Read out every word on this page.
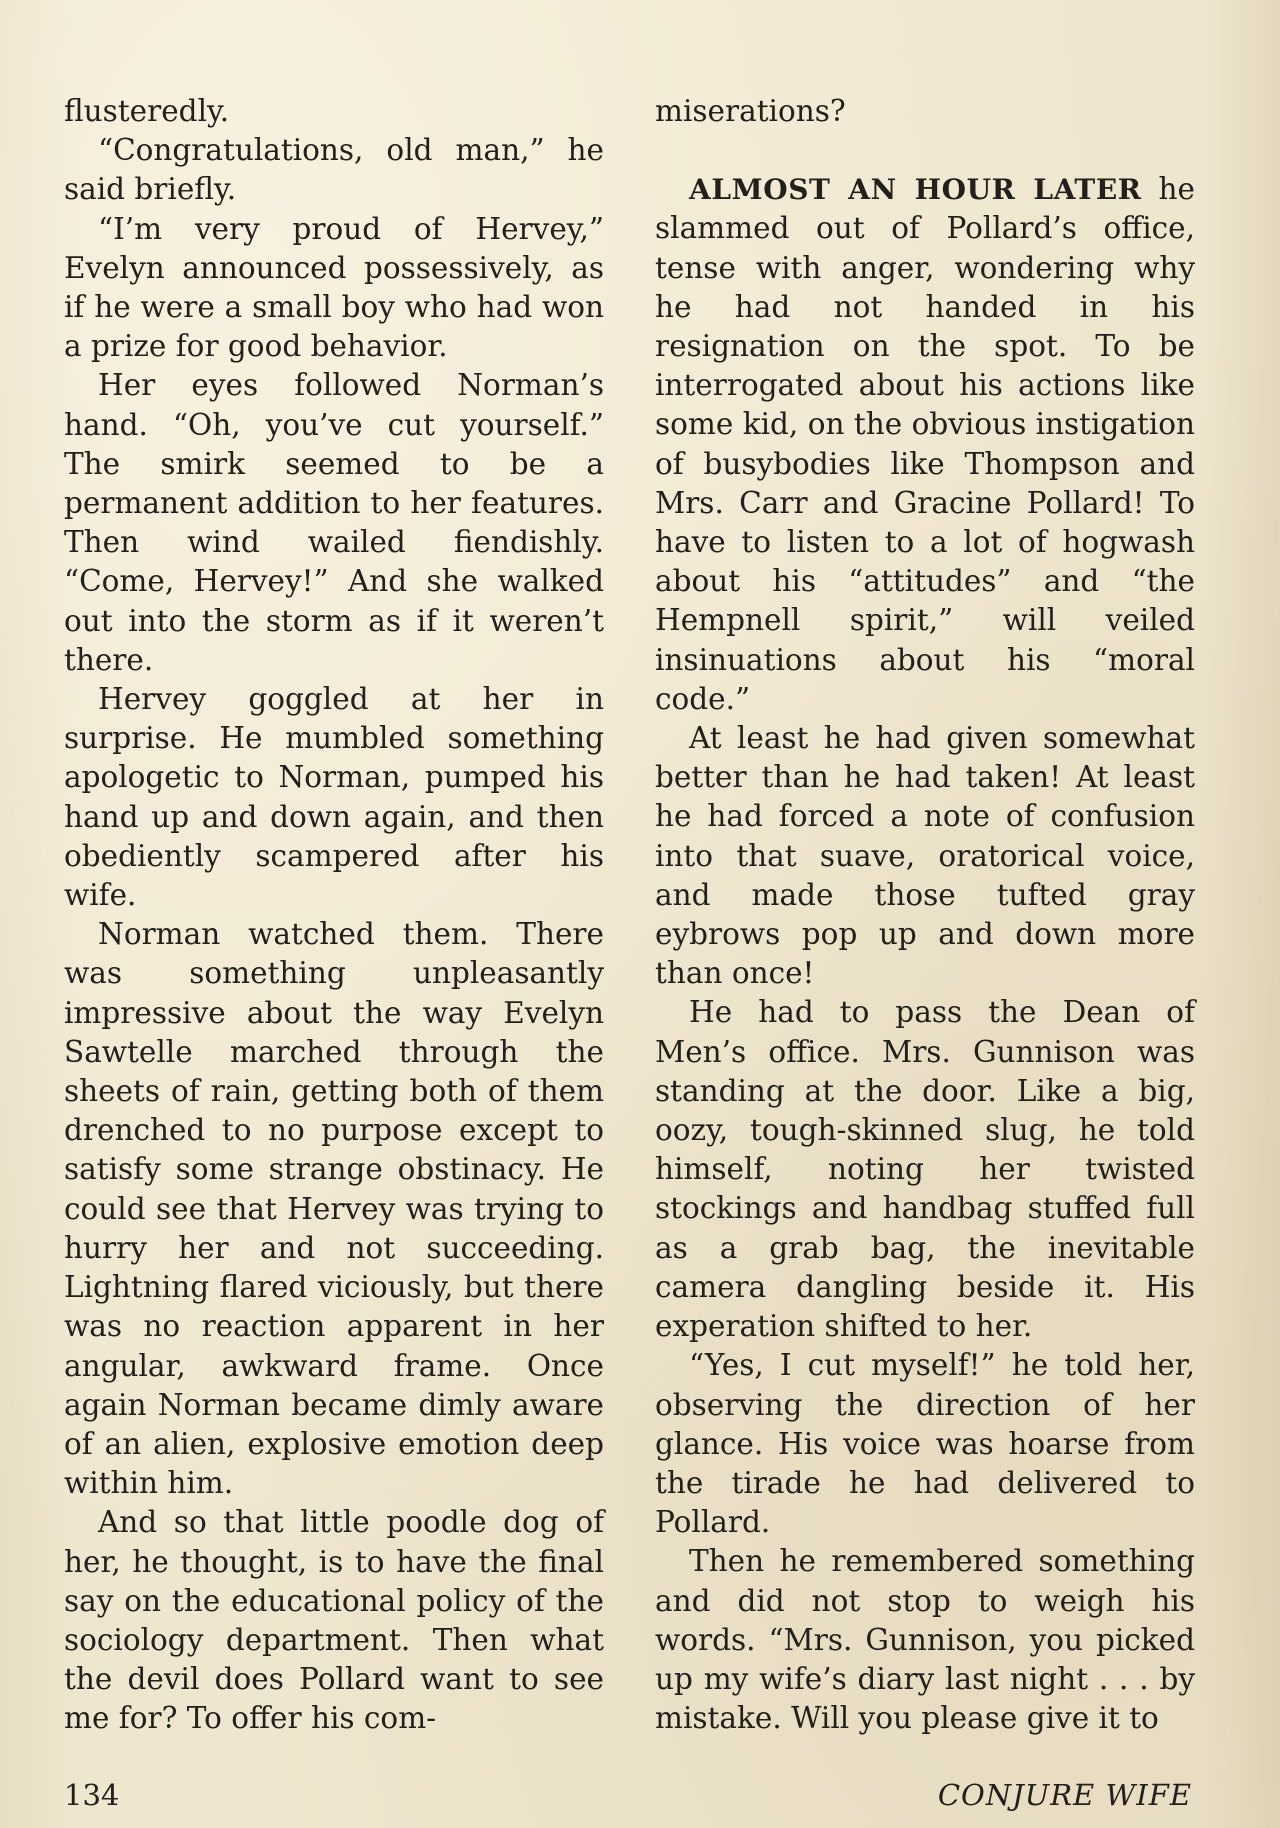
flusteredly.

“Congratulations, old man,” he said briefly.

“I’m very proud of Hervey,” Evelyn announced possessively, as if he were a small boy who had won a prize for good behavior.

Her eyes followed Norman’s hand. “Oh, you’ve cut yourself.” The smirk seemed to be a permanent addition to her features. Then wind wailed fiendishly. “Come, Hervey!” And she walked out into the storm as if it weren’t there.

Hervey goggled at her in surprise. He mumbled something apologetic to Norman, pumped his hand up and down again, and then obediently scampered after his wife.

Norman watched them. There was something unpleasantly impressive about the way Evelyn Sawtelle marched through the sheets of rain, getting both of them drenched to no purpose except to satisfy some strange obstinacy. He could see that Hervey was trying to hurry her and not succeeding. Lightning flared viciously, but there was no reaction apparent in her angular, awkward frame. Once again Norman became dimly aware of an alien, explosive emotion deep within him.

And so that little poodle dog of her, he thought, is to have the final say on the educational policy of the sociology department. Then what the devil does Pollard want to see me for? To offer his com-

miserations?

ALMOST AN HOUR LATER he slammed out of Pollard’s office, tense with anger, wondering why he had not handed in his resignation on the spot. To be interrogated about his actions like some kid, on the obvious instigation of busybodies like Thompson and Mrs. Carr and Gracine Pollard! To have to listen to a lot of hogwash about his “attitudes” and “the Hempnell spirit,” will veiled insinuations about his “moral code.”

At least he had given somewhat better than he had taken! At least he had forced a note of confusion into that suave, oratorical voice, and made those tufted gray eybrows pop up and down more than once!

He had to pass the Dean of Men’s office. Mrs. Gunnison was standing at the door. Like a big, oozy, tough-skinned slug, he told himself, noting her twisted stockings and handbag stuffed full as a grab bag, the inevitable camera dangling beside it. His experation shifted to her.

“Yes, I cut myself!” he told her, observing the direction of her glance. His voice was hoarse from the tirade he had delivered to Pollard.

Then he remembered something and did not stop to weigh his words. “Mrs. Gunnison, you picked up my wife’s diary last night . . . by mistake. Will you please give it to

134	CONJURE WIFE
